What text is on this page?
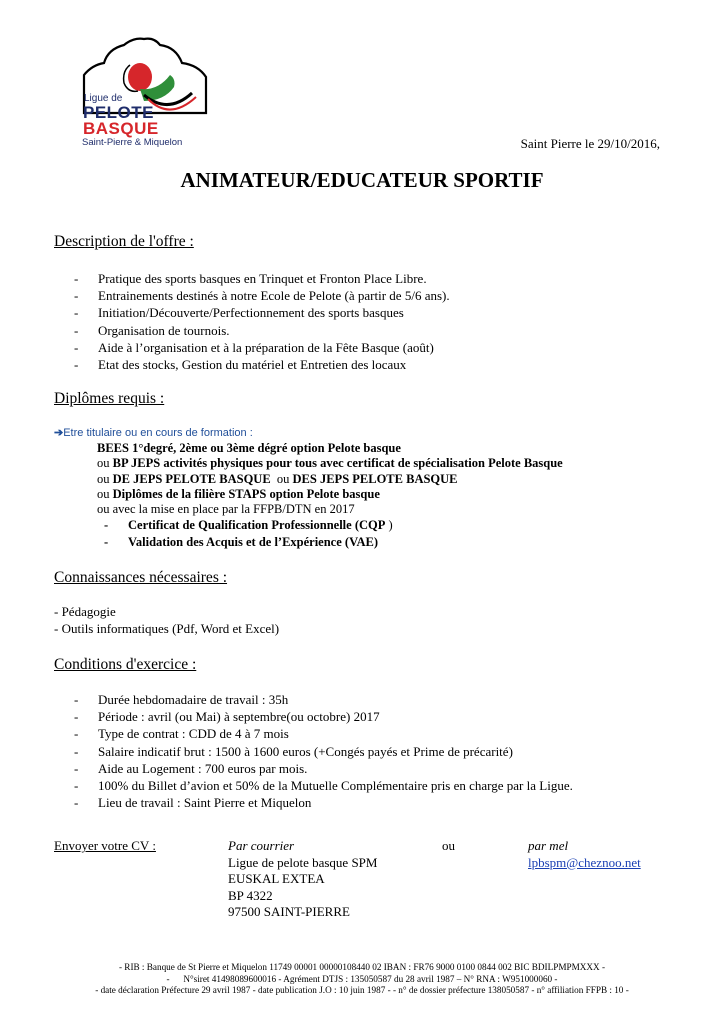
Ligue de
PELOTE
BASQUE
Saint-Pierre & Miquelon	Saint Pierre le 29/10/2016,
ANIMATEUR/EDUCATEUR SPORTIF
Description de l'offre :
- Pratique des sports basques en Trinquet et Fronton Place Libre.
- Entrainements destinés à notre Ecole de Pelote (à partir de 5/6 ans).
- Initiation/Découverte/Perfectionnement des sports basques
- Organisation de tournois.
- Aide à l’organisation et à la préparation de la Fête Basque (août)
- Etat des stocks, Gestion du matériel et Entretien des locaux
Diplômes requis :
➔Etre titulaire ou en cours de formation :
BEES 1°degré, 2ème ou 3ème dégré option Pelote basque
ou BP JEPS activités physiques pour tous avec certificat de spécialisation Pelote Basque
ou DE JEPS PELOTE BASQUE  ou DES JEPS PELOTE BASQUE
ou Diplômes de la filière STAPS option Pelote basque
ou avec la mise en place par la FFPB/DTN en 2017
- Certificat de Qualification Professionnelle (CQP )
- Validation des Acquis et de l’Expérience (VAE)
Connaissances nécessaires :
- Pédagogie
- Outils informatiques (Pdf, Word et Excel)
Conditions d'exercice :
- Durée hebdomadaire de travail : 35h
- Période : avril (ou Mai) à septembre(ou octobre) 2017
- Type de contrat : CDD de 4 à 7 mois
- Salaire indicatif brut : 1500 à 1600 euros (+Congés payés et Prime de précarité)
- Aide au Logement : 700 euros par mois.
- 100% du Billet d’avion et 50% de la Mutuelle Complémentaire pris en charge par la Ligue.
- Lieu de travail : Saint Pierre et Miquelon
Envoyer votre CV :	Par courrier
Ligue de pelote basque SPM
EUSKAL EXTEA
BP 4322
97500 SAINT-PIERRE
ou	par mel
lpbspm@cheznoo.net
- RIB : Banque de St Pierre et Miquelon 11749 00001 00000108440 02 IBAN : FR76 9000 0100 0844 002 BIC BDILPMPMXXX -
-      N°siret 41498089600016 - Agrément DTJS : 135050587 du 28 avril 1987 – N° RNA : W951000060 -
- date déclaration Préfecture 29 avril 1987 - date publication J.O : 10 juin 1987 - - n° de dossier préfecture 138050587 - n° affiliation FFPB : 10 -
